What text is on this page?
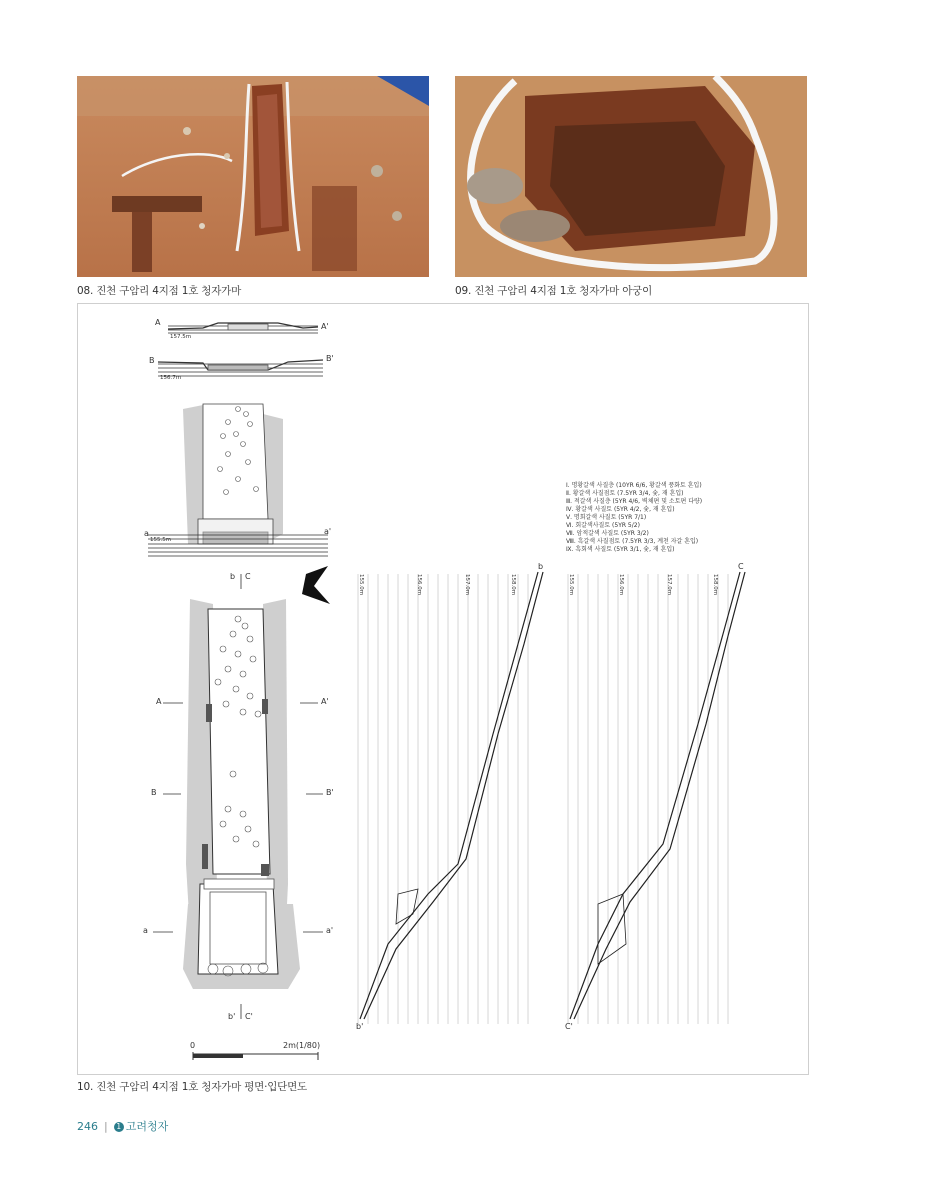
08. 진천 구암리 4지점 1호 청자가마	09. 진천 구암리 4지점 1호 청자가마 아궁이
A	A'
157.5m
B	B'
156.7m
a	a'
155.5m
A	A'
B	B'
a	a'
b C
b' C'
b
b'
C
C'
155.0m	156.0m	157.0m	158.0m	155.0m	156.0m	157.0m	158.0m
0	2m(1/80)
Ⅰ. 명황갈색 사질층 (10YR 6/6, 황갈색 풍화토 혼입)
Ⅱ. 황갈색 사질점토 (7.5YR 3/4, 숯, 재 혼입)
Ⅲ. 적갈색 사질층 (5YR 4/6, 벽체편 및 소토편 다량)
Ⅳ. 황갈색 사질토 (5YR 4/2, 숯, 재 혼입)
Ⅴ. 명회갈색 사질토 (5YR 7/1)
Ⅵ. 회갈색사질토 (5YR 5/2)
Ⅶ. 암적갈색 사질토 (5YR 3/2)
Ⅷ. 흑갈색 사질점토 (7.5YR 3/3, 계천 자갈 혼입)
Ⅸ. 흑회색 사질토 (5YR 3/1, 숯, 재 혼입)
10. 진천 구암리 4지점 1호 청자가마 평면·입단면도
246 | 1 고려청자
